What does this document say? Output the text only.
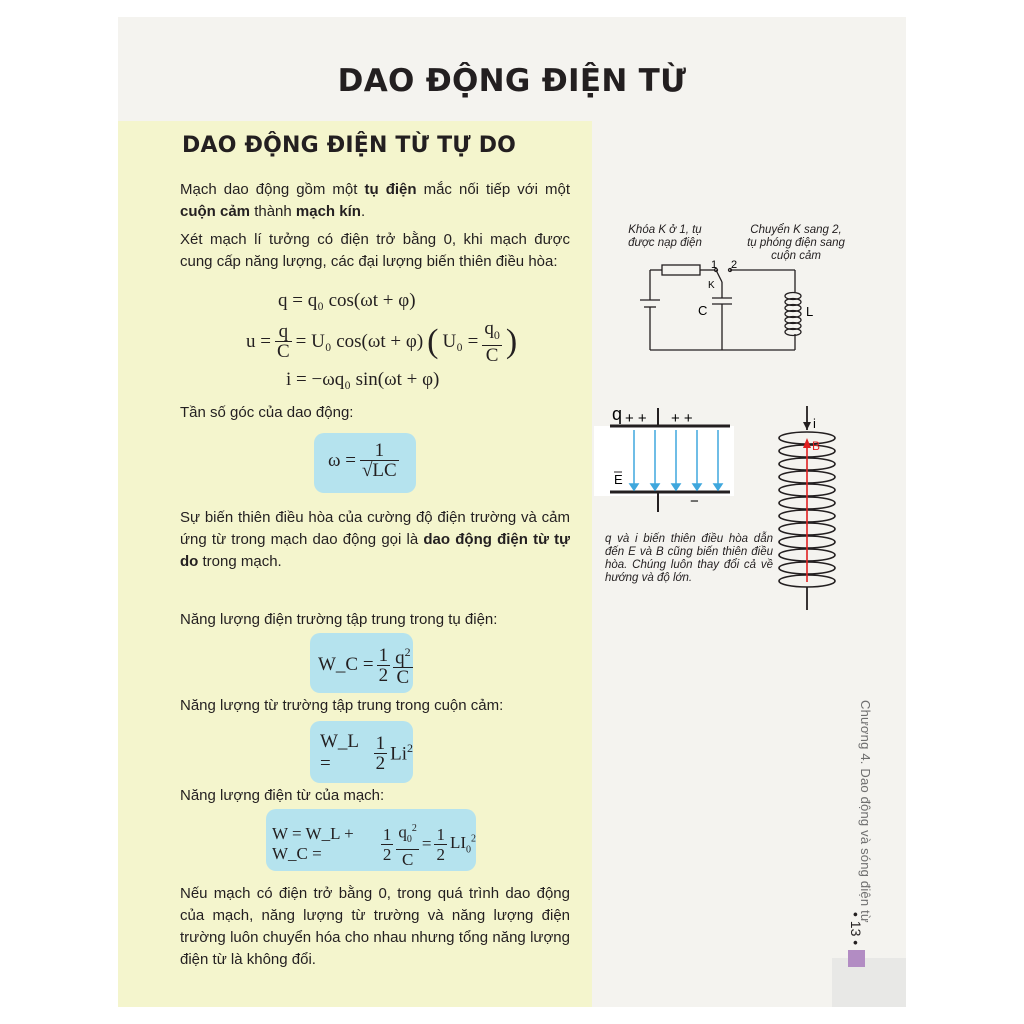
DAO ĐỘNG ĐIỆN TỪ
DAO ĐỘNG ĐIỆN TỪ TỰ DO
Mạch dao động gồm một tụ điện mắc nối tiếp với một cuộn cảm thành mạch kín.
Xét mạch lí tưởng có điện trở bằng 0, khi mạch được cung cấp năng lượng, các đại lượng biến thiên điều hòa:
q = q₀ cos(ωt + φ)
$u = \frac{q}{C} = U_0$ cos(ωt + φ) ( $U_0 = \frac{q_0}{C}$ )
i = −ωq₀ sin(ωt + φ)
Tần số góc của dao động:
$\omega = \frac{1}{√LC}$
Sự biến thiên điều hòa của cường độ điện trường và cảm ứng từ trong mạch dao động gọi là dao động điện từ tự do trong mạch.
Năng lượng điện trường tập trung trong tụ điện:
W_C = $\frac{1}{2} \frac{q^2}{C}$
Năng lượng từ trường tập trung trong cuộn cảm:
W_L =	$\frac{1}{2} Li^2$
Năng lượng điện từ của mạch:
W = W_L + W_C =	$\frac{1}{2} \frac{q_0^2}{C} = \frac{1}{2} LI_0^2$
Nếu mạch có điện trở bằng 0, trong quá trình dao động của mạch, năng lượng từ trường và năng lượng điện trường luôn chuyển hóa cho nhau nhưng tổng năng lượng điện từ là không đổi.
Khóa K ở 1, tụ được nạp điện
Chuyển K sang 2, tụ phóng điện sang cuộn cảm
1 2
K
C	L
q + + + +
−
E
i
B
q và i biến thiên điều hòa dẫn đến E và B cũng biến thiên điều hòa. Chúng luôn thay đổi cả về hướng và độ lớn.
Chương 4. Dao động và sóng điện từ
• 13 •
